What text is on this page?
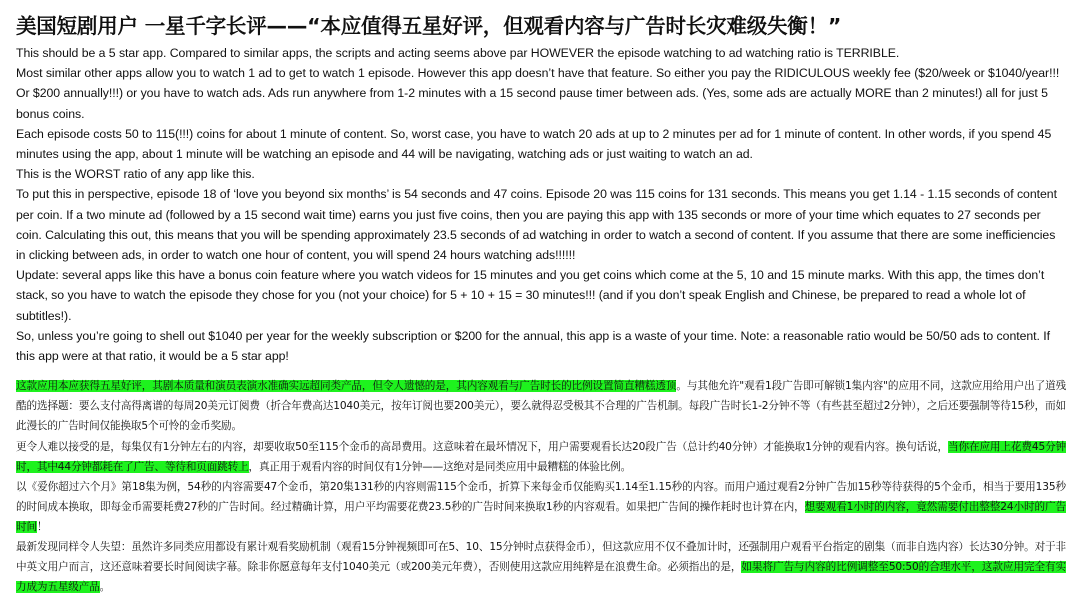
美国短剧用户 一星千字长评——“本应值得五星好评，但观看内容与广告时长灾难级失衡！”

This should be a 5 star app. Compared to similar apps, the scripts and acting seems above par HOWEVER the episode watching to ad watching ratio is TERRIBLE.

Most similar other apps allow you to watch 1 ad to get to watch 1 episode. However this app doesn’t have that feature. So either you pay the RIDICULOUS weekly fee ($20/week or $1040/year!!! Or $200 annually!!!) or you have to watch ads. Ads run anywhere from 1-2 minutes with a 15 second pause timer between ads. (Yes, some ads are actually MORE than 2 minutes!) all for just 5 bonus coins.

Each episode costs 50 to 115(!!!) coins for about 1 minute of content. So, worst case, you have to watch 20 ads at up to 2 minutes per ad for 1 minute of content. In other words, if you spend 45 minutes using the app, about 1 minute will be watching an episode and 44 will be navigating, watching ads or just waiting to watch an ad.

This is the WORST ratio of any app like this.

To put this in perspective, episode 18 of ‘love you beyond six months’ is 54 seconds and 47 coins. Episode 20 was 115 coins for 131 seconds. This means you get 1.14 - 1.15 seconds of content per coin. If a two minute ad (followed by a 15 second wait time) earns you just five coins, then you are paying this app with 135 seconds or more of your time which equates to 27 seconds per coin. Calculating this out, this means that you will be spending approximately 23.5 seconds of ad watching in order to watch a second of content. If you assume that there are some inefficiencies in clicking between ads, in order to watch one hour of content, you will spend 24 hours watching ads!!!!!!

Update: several apps like this have a bonus coin feature where you watch videos for 15 minutes and you get coins which come at the 5, 10 and 15 minute marks. With this app, the times don’t stack, so you have to watch the episode they chose for you (not your choice) for 5 + 10 + 15 = 30 minutes!!! (and if you don’t speak English and Chinese, be prepared to read a whole lot of subtitles!).

So, unless you’re going to shell out $1040 per year for the weekly subscription or $200 for the annual, this app is a waste of your time. Note: a reasonable ratio would be 50/50 ads to content. If this app were at that ratio, it would be a 5 star app!

这款应用本应获得五星好评，其剧本质量和演员表演水准确实远超同类产品，但令人遗憾的是，其内容观看与广告时长的比例设置简直糟糕透顶。与其他允许"观看1段广告即可解锁1集内容"的应用不同，这款应用给用户出了道残酷的选择题：要么支付高得离谱的每周20美元订阅费（折合年费高达1040美元，按年订阅也要200美元），要么就得忍受极其不合理的广告机制。每段广告时长1-2分钟不等（有些甚至超过2分钟），之后还要强制等待15秒，而如此漫长的广告时间仅能换取5个可怜的金币奖励。

更令人难以接受的是，每集仅有1分钟左右的内容，却要收取50至115个金币的高昂费用。这意味着在最坏情况下，用户需要观看长达20段广告（总计约40分钟）才能换取1分钟的观看内容。换句话说，当你在应用上花费45分钟时，其中44分钟都耗在了广告、等待和页面跳转上，真正用于观看内容的时间仅有1分钟——这绝对是同类应用中最糟糕的体验比例。

以《爱你超过六个月》第18集为例，54秒的内容需要47个金币，第20集131秒的内容则需115个金币，折算下来每金币仅能购买1.14至1.15秒的内容。而用户通过观看2分钟广告加15秒等待获得的5个金币，相当于要用135秒的时间成本换取，即每金币需要耗费27秒的广告时间。经过精确计算，用户平均需要花费23.5秒的广告时间来换取1秒的内容观看。如果把广告间的操作耗时也计算在内，想要观看1小时的内容，竟然需要付出整整24小时的广告时间！

最新发现同样令人失望：虽然许多同类应用都设有累计观看奖励机制（观看15分钟视频即可在5、10、15分钟时点获得金币），但这款应用不仅不叠加计时，还强制用户观看平台指定的剧集（而非自选内容）长达30分钟。对于非中英文用户而言，这还意味着要长时间阅读字幕。除非你愿意每年支付1040美元（或200美元年费），否则使用这款应用纯粹是在浪费生命。必须指出的是，如果将广告与内容的比例调整至50:50的合理水平，这款应用完全有实力成为五星级产品。
